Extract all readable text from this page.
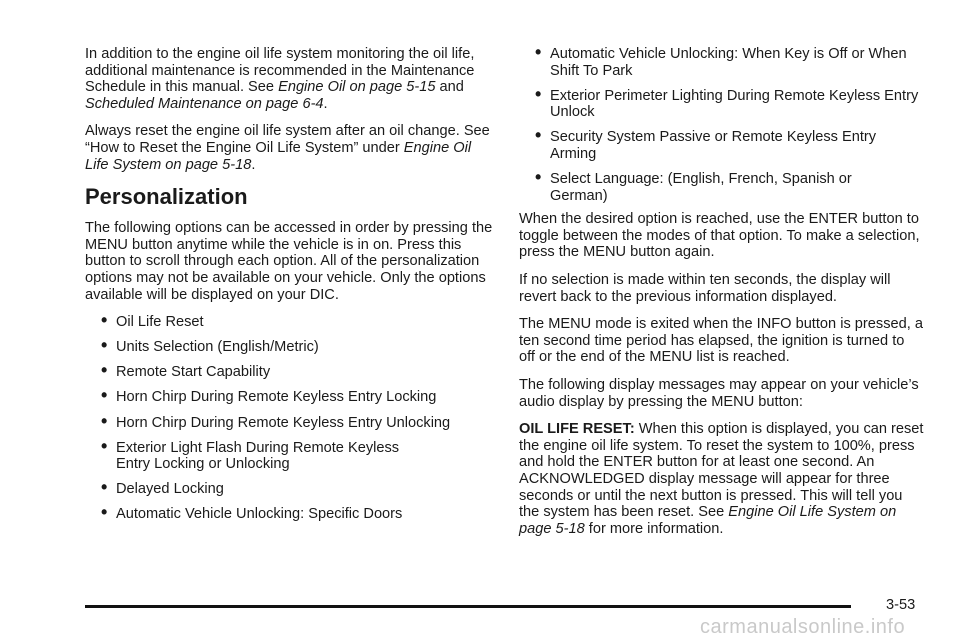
In addition to the engine oil life system monitoring the oil life, additional maintenance is recommended in the Maintenance Schedule in this manual. See Engine Oil on page 5-15 and Scheduled Maintenance on page 6-4.

Always reset the engine oil life system after an oil change. See “How to Reset the Engine Oil Life System” under Engine Oil Life System on page 5-18.

Personalization

The following options can be accessed in order by pressing the MENU button anytime while the vehicle is in on. Press this button to scroll through each option. All of the personalization options may not be available on your vehicle. Only the options available will be displayed on your DIC.

• Oil Life Reset
• Units Selection (English/Metric)
• Remote Start Capability
• Horn Chirp During Remote Keyless Entry Locking
• Horn Chirp During Remote Keyless Entry Unlocking
• Exterior Light Flash During Remote Keyless Entry Locking or Unlocking
• Delayed Locking
• Automatic Vehicle Unlocking: Specific Doors
• Automatic Vehicle Unlocking: When Key is Off or When Shift To Park
• Exterior Perimeter Lighting During Remote Keyless Entry Unlock
• Security System Passive or Remote Keyless Entry Arming
• Select Language: (English, French, Spanish or German)

When the desired option is reached, use the ENTER button to toggle between the modes of that option. To make a selection, press the MENU button again.

If no selection is made within ten seconds, the display will revert back to the previous information displayed.

The MENU mode is exited when the INFO button is pressed, a ten second time period has elapsed, the ignition is turned to off or the end of the MENU list is reached.

The following display messages may appear on your vehicle’s audio display by pressing the MENU button:

OIL LIFE RESET: When this option is displayed, you can reset the engine oil life system. To reset the system to 100%, press and hold the ENTER button for at least one second. An ACKNOWLEDGED display message will appear for three seconds or until the next button is pressed. This will tell you the system has been reset. See Engine Oil Life System on page 5-18 for more information.

3-53
carmanualsonline.info
